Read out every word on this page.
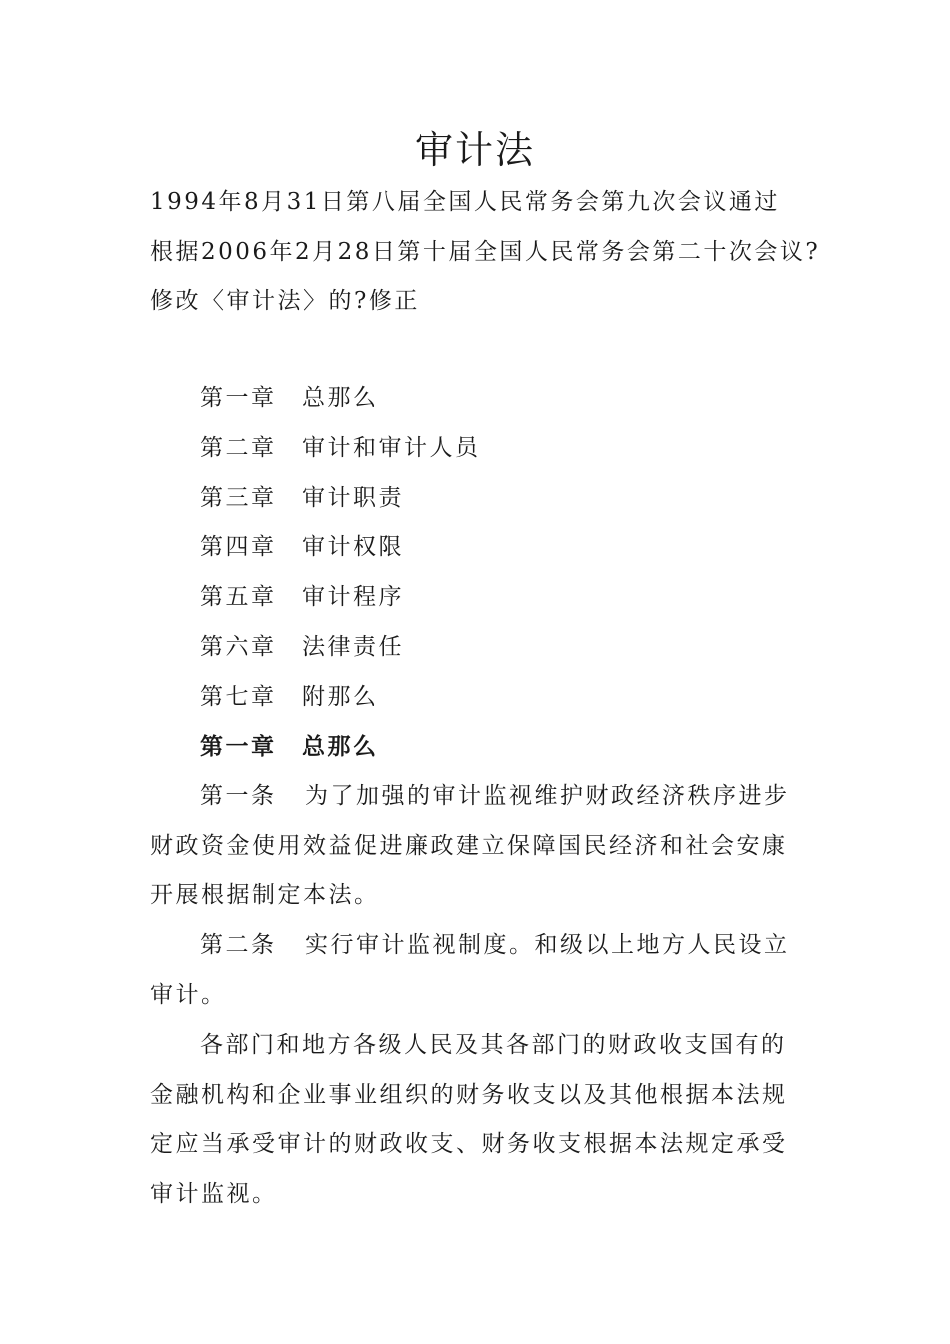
审计法
1994年8月31日第八届全国人民常务会第九次会议通过
根据2006年2月28日第十届全国人民常务会第二十次会议?
修改〈审计法〉的?修正
第一章 总那么
第二章 审计和审计人员
第三章 审计职责
第四章 审计权限
第五章 审计程序
第六章 法律责任
第七章 附那么
第一章 总那么
第一条 为了加强的审计监视维护财政经济秩序进步
财政资金使用效益促进廉政建立保障国民经济和社会安康
开展根据制定本法。
第二条 实行审计监视制度。和级以上地方人民设立
审计。
各部门和地方各级人民及其各部门的财政收支国有的
金融机构和企业事业组织的财务收支以及其他根据本法规
定应当承受审计的财政收支、财务收支根据本法规定承受
审计监视。
